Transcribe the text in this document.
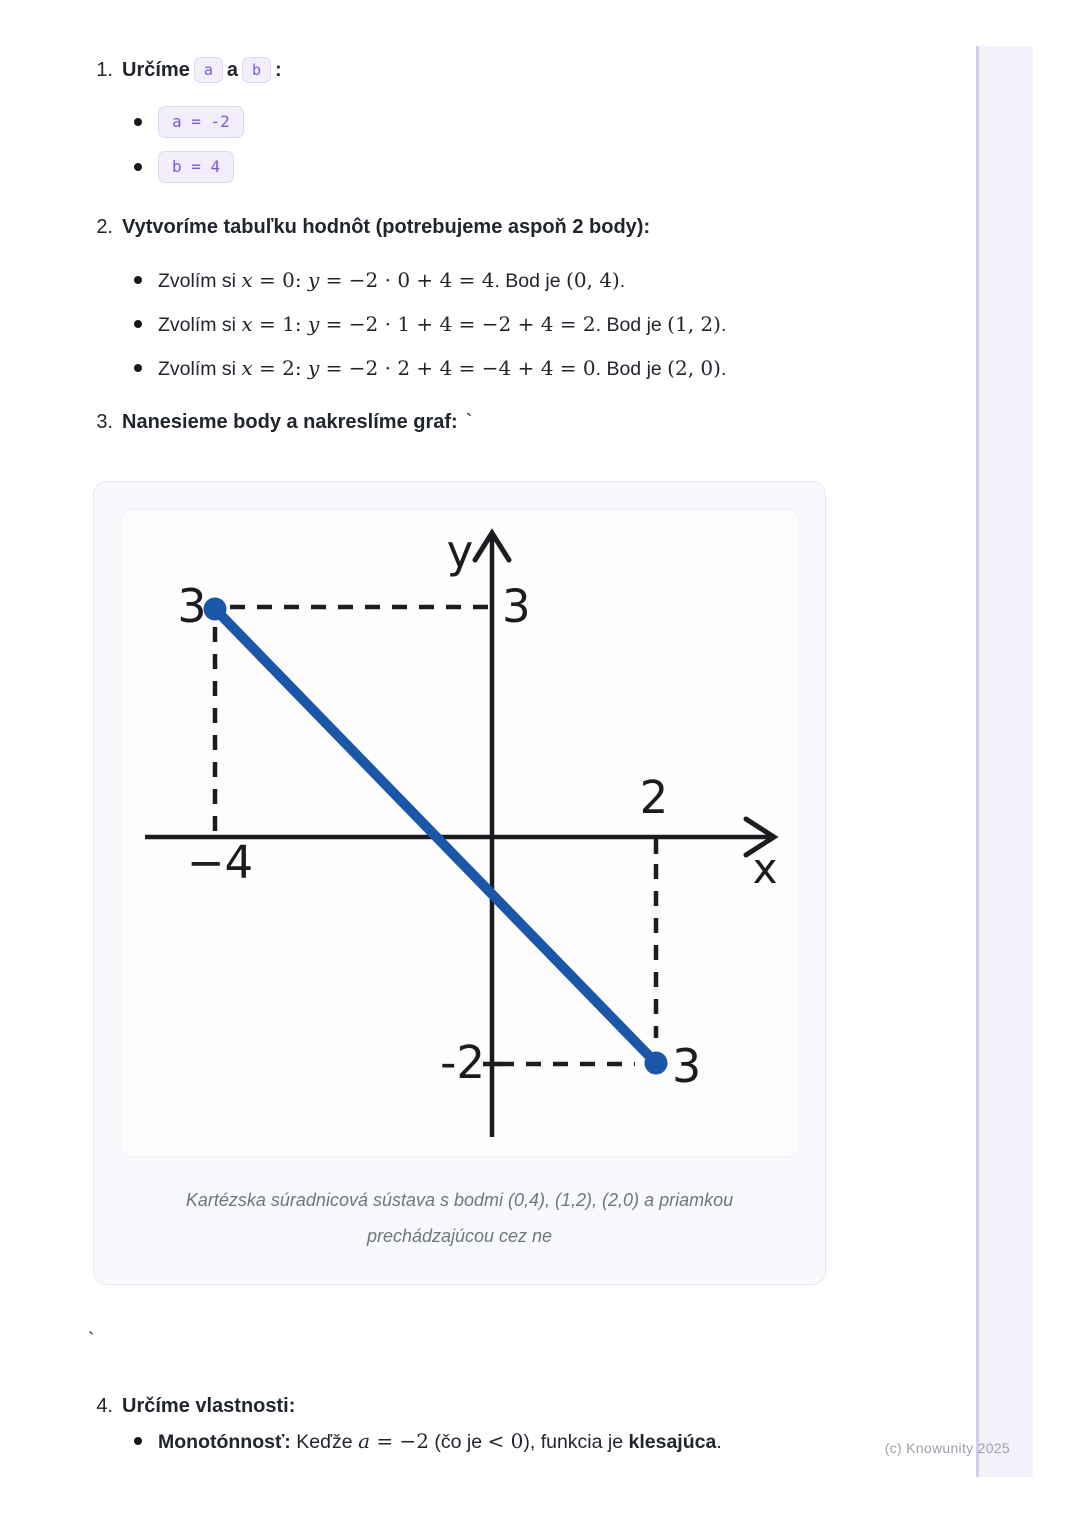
1. Určíme a a b :
a = -2
b = 4
2. Vytvoríme tabuľku hodnôt (potrebujeme aspoň 2 body):
Zvolím si x = 0: y = −2 · 0 + 4 = 4. Bod je (0, 4).
Zvolím si x = 1: y = −2 · 1 + 4 = −2 + 4 = 2. Bod je (1, 2).
Zvolím si x = 2: y = −2 · 2 + 4 = −4 + 4 = 0. Bod je (2, 0).
3. Nanesieme body a nakreslíme graf: `
y
x
3	3
−4
2
-2	3
Kartézska súradnicová sústava s bodmi (0,4), (1,2), (2,0) a priamkou
prechádzajúcou cez ne
`
4. Určíme vlastnosti:
Monotónnosť: Keďže a = −2 (čo je < 0), funkcia je klesajúca.	(c) Knowunity 2025
